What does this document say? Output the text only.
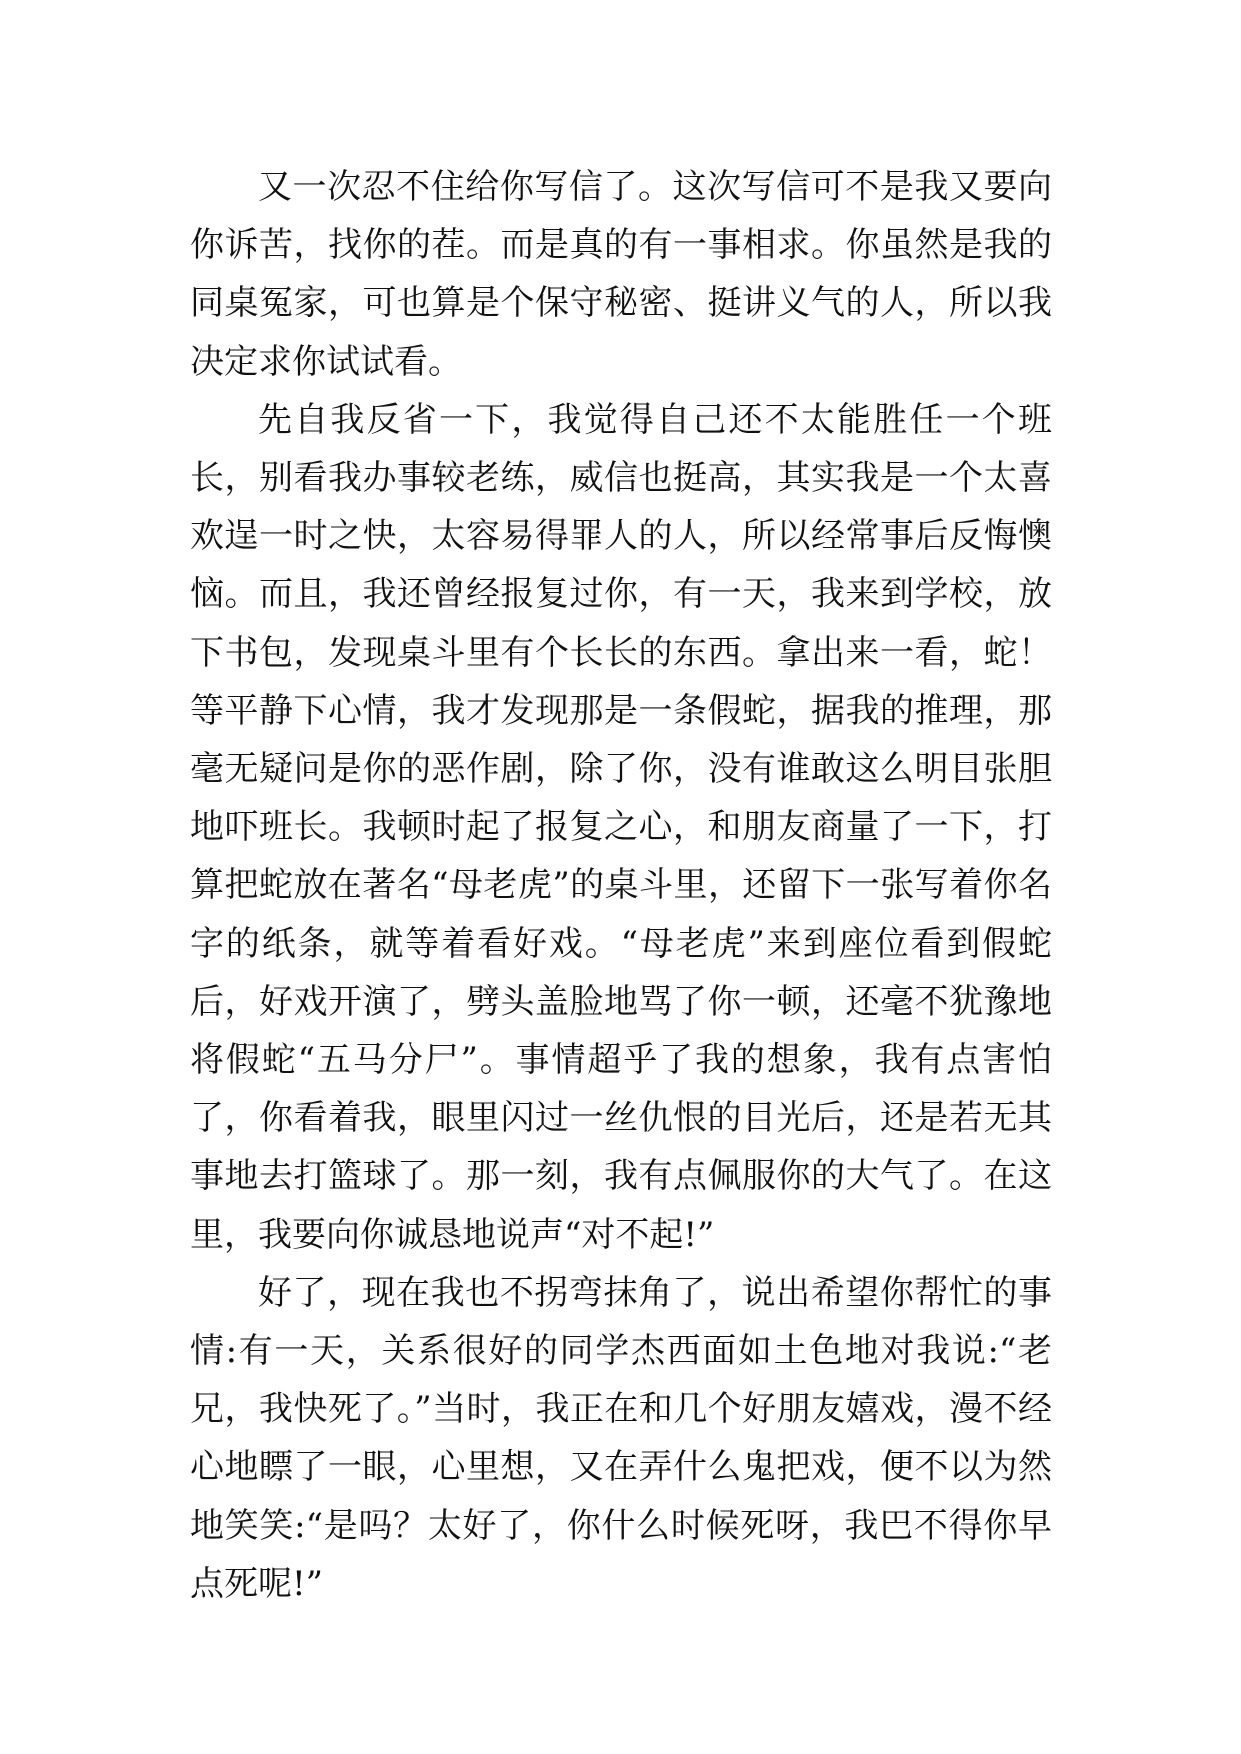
又一次忍不住给你写信了。这次写信可不是我又要向你诉苦，找你的茬。而是真的有一事相求。你虽然是我的同桌冤家，可也算是个保守秘密、挺讲义气的人，所以我决定求你试试看。

先自我反省一下，我觉得自己还不太能胜任一个班长，别看我办事较老练，威信也挺高，其实我是一个太喜欢逞一时之快，太容易得罪人的人，所以经常事后反悔懊恼。而且，我还曾经报复过你，有一天，我来到学校，放下书包，发现桌斗里有个长长的东西。拿出来一看，蛇！等平静下心情，我才发现那是一条假蛇，据我的推理，那毫无疑问是你的恶作剧，除了你，没有谁敢这么明目张胆地吓班长。我顿时起了报复之心，和朋友商量了一下，打算把蛇放在著名“母老虎”的桌斗里，还留下一张写着你名字的纸条，就等着看好戏。“母老虎”来到座位看到假蛇后，好戏开演了，劈头盖脸地骂了你一顿，还毫不犹豫地将假蛇“五马分尸”。事情超乎了我的想象，我有点害怕了，你看着我，眼里闪过一丝仇恨的目光后，还是若无其事地去打篮球了。那一刻，我有点佩服你的大气了。在这里，我要向你诚恳地说声“对不起!”

好了，现在我也不拐弯抹角了，说出希望你帮忙的事情:有一天，关系很好的同学杰西面如土色地对我说:“老兄，我快死了。”当时，我正在和几个好朋友嬉戏，漫不经心地瞟了一眼，心里想，又在弄什么鬼把戏，便不以为然地笑笑:“是吗？太好了，你什么时候死呀，我巴不得你早点死呢!”
